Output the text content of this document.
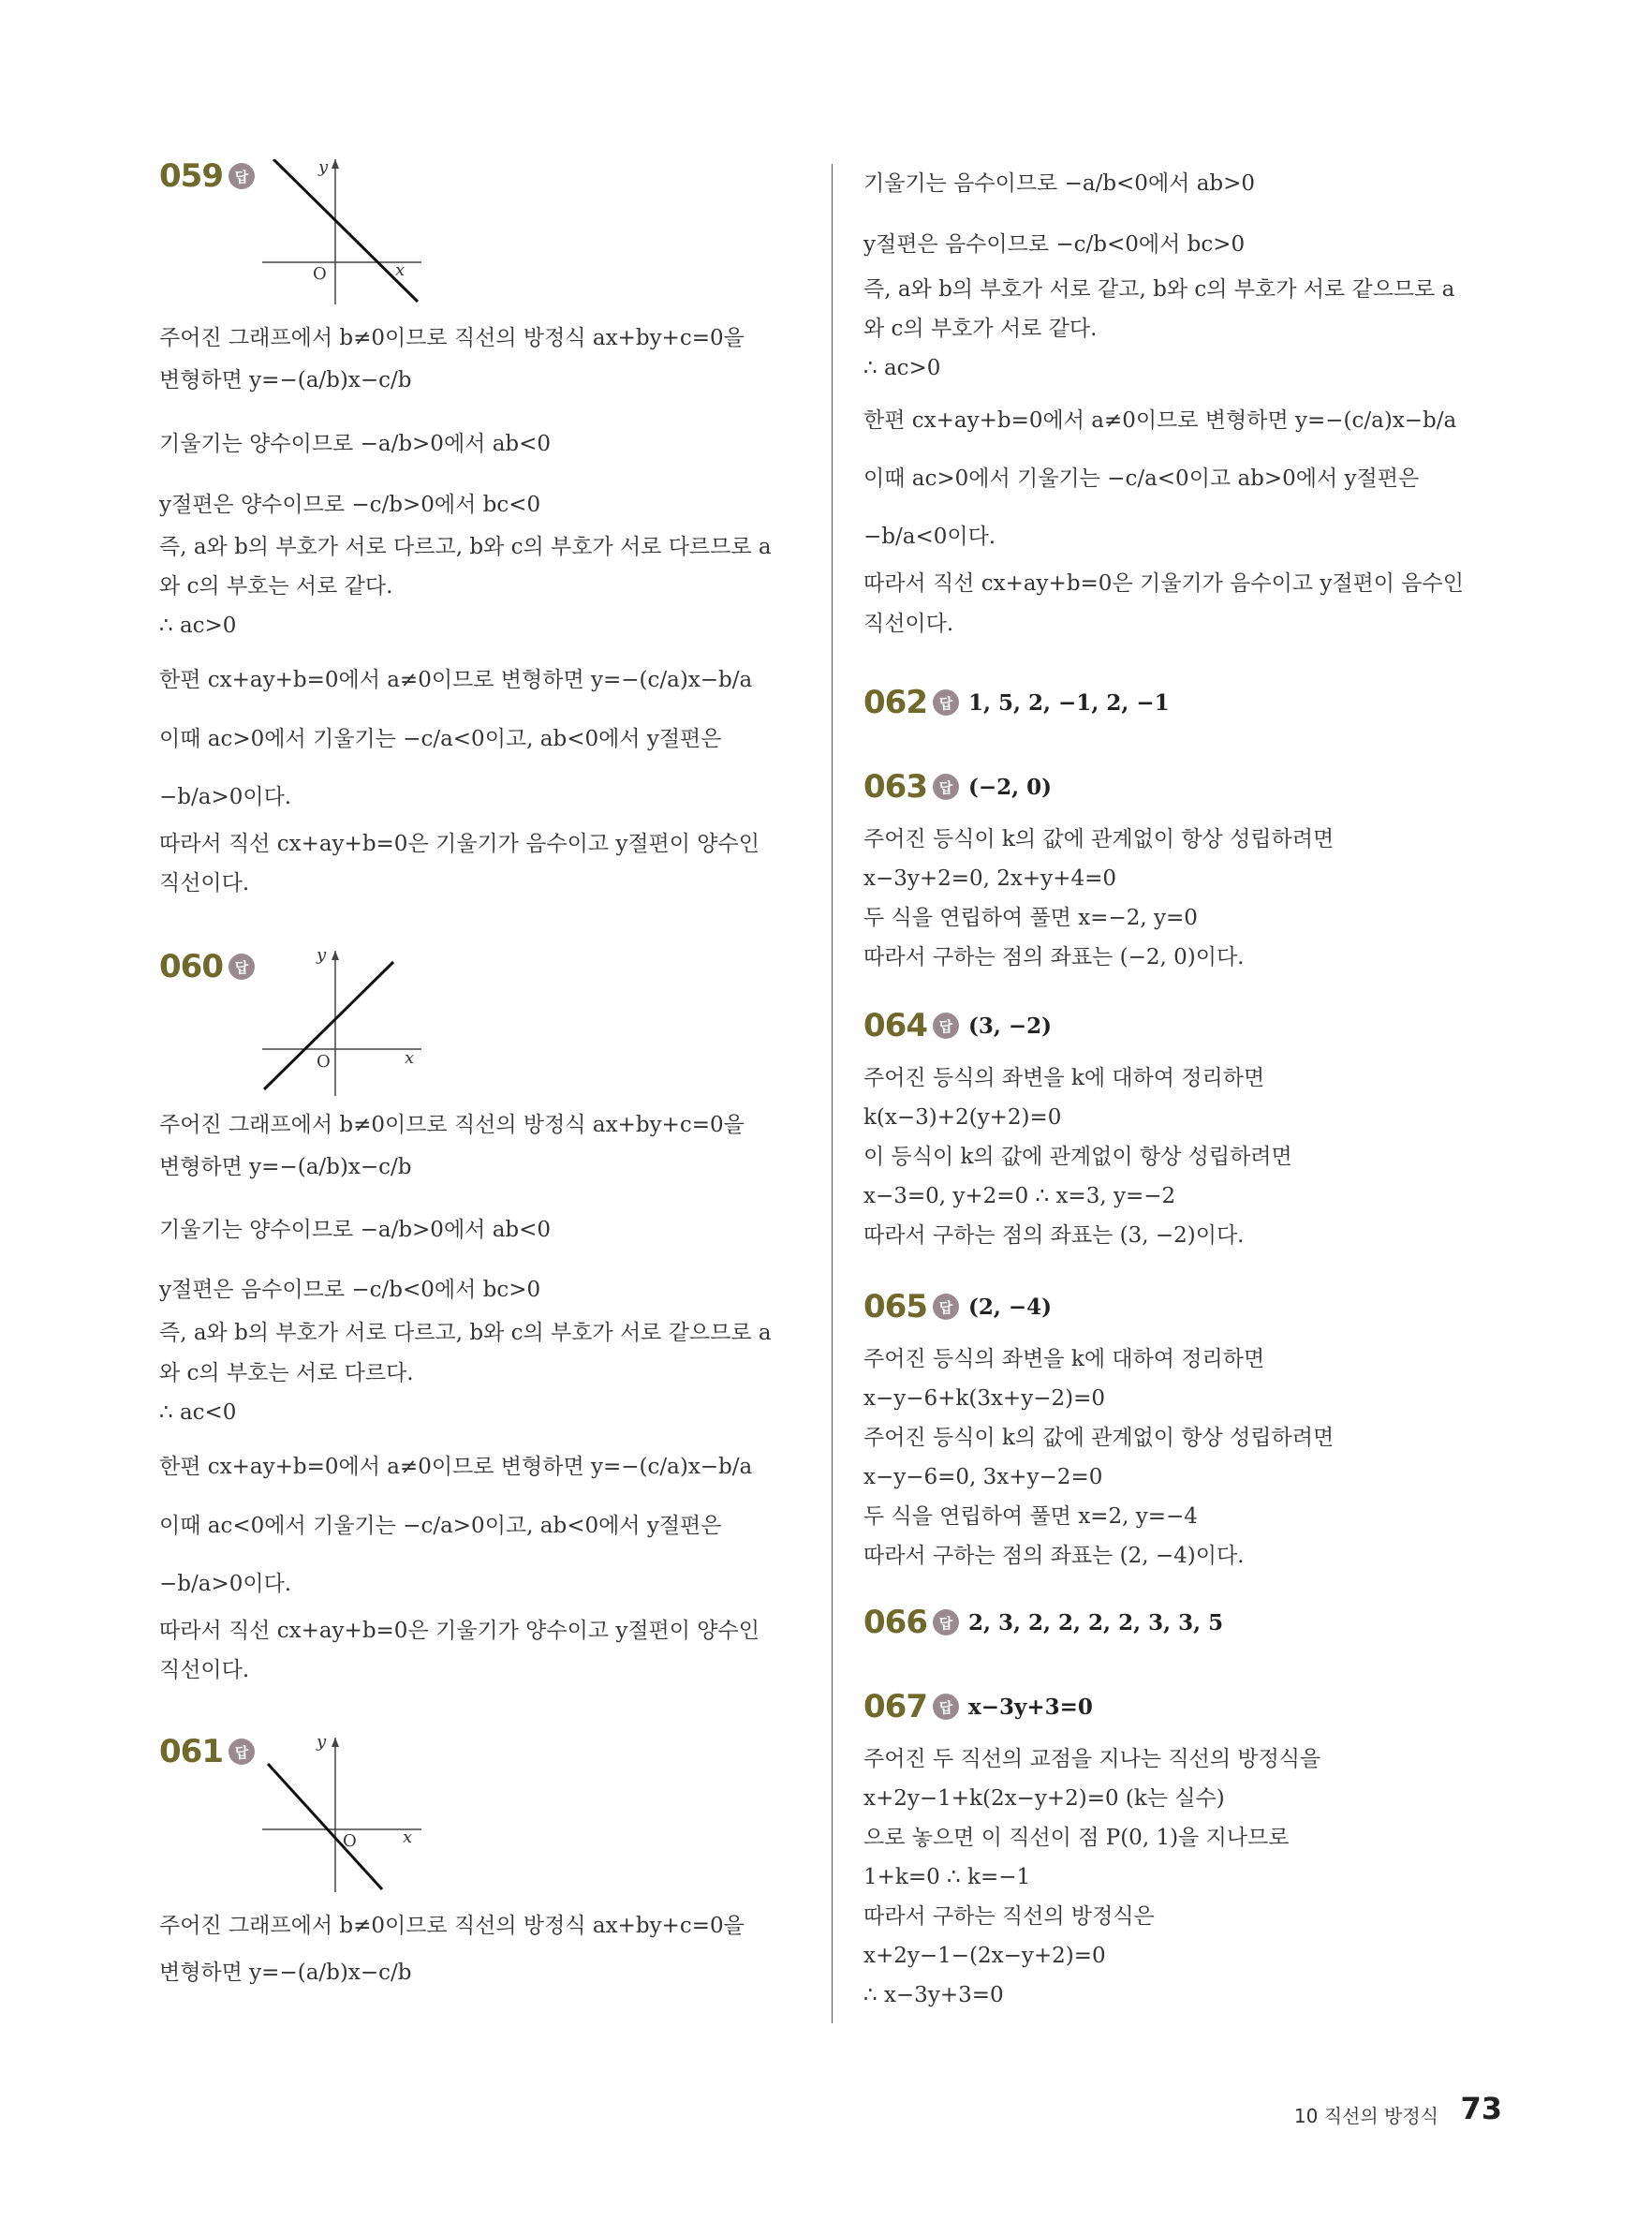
059 답	y
x
O
주어진 그래프에서 b≠0이므로 직선의 방정식 ax+by+c=0을
변형하면 y=−(a/b)x−c/b
기울기는 양수이므로 −a/b>0에서 ab<0
y절편은 양수이므로 −c/b>0에서 bc<0
즉, a와 b의 부호가 서로 다르고, b와 c의 부호가 서로 다르므로 a
와 c의 부호는 서로 같다.
∴ ac>0
한편 cx+ay+b=0에서 a≠0이므로 변형하면 y=−(c/a)x−b/a
이때 ac>0에서 기울기는 −c/a<0이고, ab<0에서 y절편은
−b/a>0이다.
따라서 직선 cx+ay+b=0은 기울기가 음수이고 y절편이 양수인
직선이다.
060 답
y
x
O
주어진 그래프에서 b≠0이므로 직선의 방정식 ax+by+c=0을
변형하면 y=−(a/b)x−c/b
기울기는 양수이므로 −a/b>0에서 ab<0
y절편은 음수이므로 −c/b<0에서 bc>0
즉, a와 b의 부호가 서로 다르고, b와 c의 부호가 서로 같으므로 a
와 c의 부호는 서로 다르다.
∴ ac<0
한편 cx+ay+b=0에서 a≠0이므로 변형하면 y=−(c/a)x−b/a
이때 ac<0에서 기울기는 −c/a>0이고, ab<0에서 y절편은
−b/a>0이다.
따라서 직선 cx+ay+b=0은 기울기가 양수이고 y절편이 양수인
직선이다.
061 답
y
x
O
주어진 그래프에서 b≠0이므로 직선의 방정식 ax+by+c=0을
변형하면 y=−(a/b)x−c/b
기울기는 음수이므로 −a/b<0에서 ab>0
y절편은 음수이므로 −c/b<0에서 bc>0
즉, a와 b의 부호가 서로 같고, b와 c의 부호가 서로 같으므로 a
와 c의 부호가 서로 같다.
∴ ac>0
한편 cx+ay+b=0에서 a≠0이므로 변형하면 y=−(c/a)x−b/a
이때 ac>0에서 기울기는 −c/a<0이고 ab>0에서 y절편은
−b/a<0이다.
따라서 직선 cx+ay+b=0은 기울기가 음수이고 y절편이 음수인
직선이다.
062 답 1, 5, 2, −1, 2, −1
063 답 (−2, 0)
주어진 등식이 k의 값에 관계없이 항상 성립하려면
x−3y+2=0, 2x+y+4=0
두 식을 연립하여 풀면 x=−2, y=0
따라서 구하는 점의 좌표는 (−2, 0)이다.
064 답 (3, −2)
주어진 등식의 좌변을 k에 대하여 정리하면
k(x−3)+2(y+2)=0
이 등식이 k의 값에 관계없이 항상 성립하려면
x−3=0, y+2=0 ∴ x=3, y=−2
따라서 구하는 점의 좌표는 (3, −2)이다.
065 답 (2, −4)
주어진 등식의 좌변을 k에 대하여 정리하면
x−y−6+k(3x+y−2)=0
주어진 등식이 k의 값에 관계없이 항상 성립하려면
x−y−6=0, 3x+y−2=0
두 식을 연립하여 풀면 x=2, y=−4
따라서 구하는 점의 좌표는 (2, −4)이다.
066 답 2, 3, 2, 2, 2, 2, 3, 3, 5
067 답 x−3y+3=0
주어진 두 직선의 교점을 지나는 직선의 방정식을
x+2y−1+k(2x−y+2)=0 (k는 실수)
으로 놓으면 이 직선이 점 P(0, 1)을 지나므로
1+k=0 ∴ k=−1
따라서 구하는 직선의 방정식은
x+2y−1−(2x−y+2)=0
∴ x−3y+3=0
10 직선의 방정식 73
